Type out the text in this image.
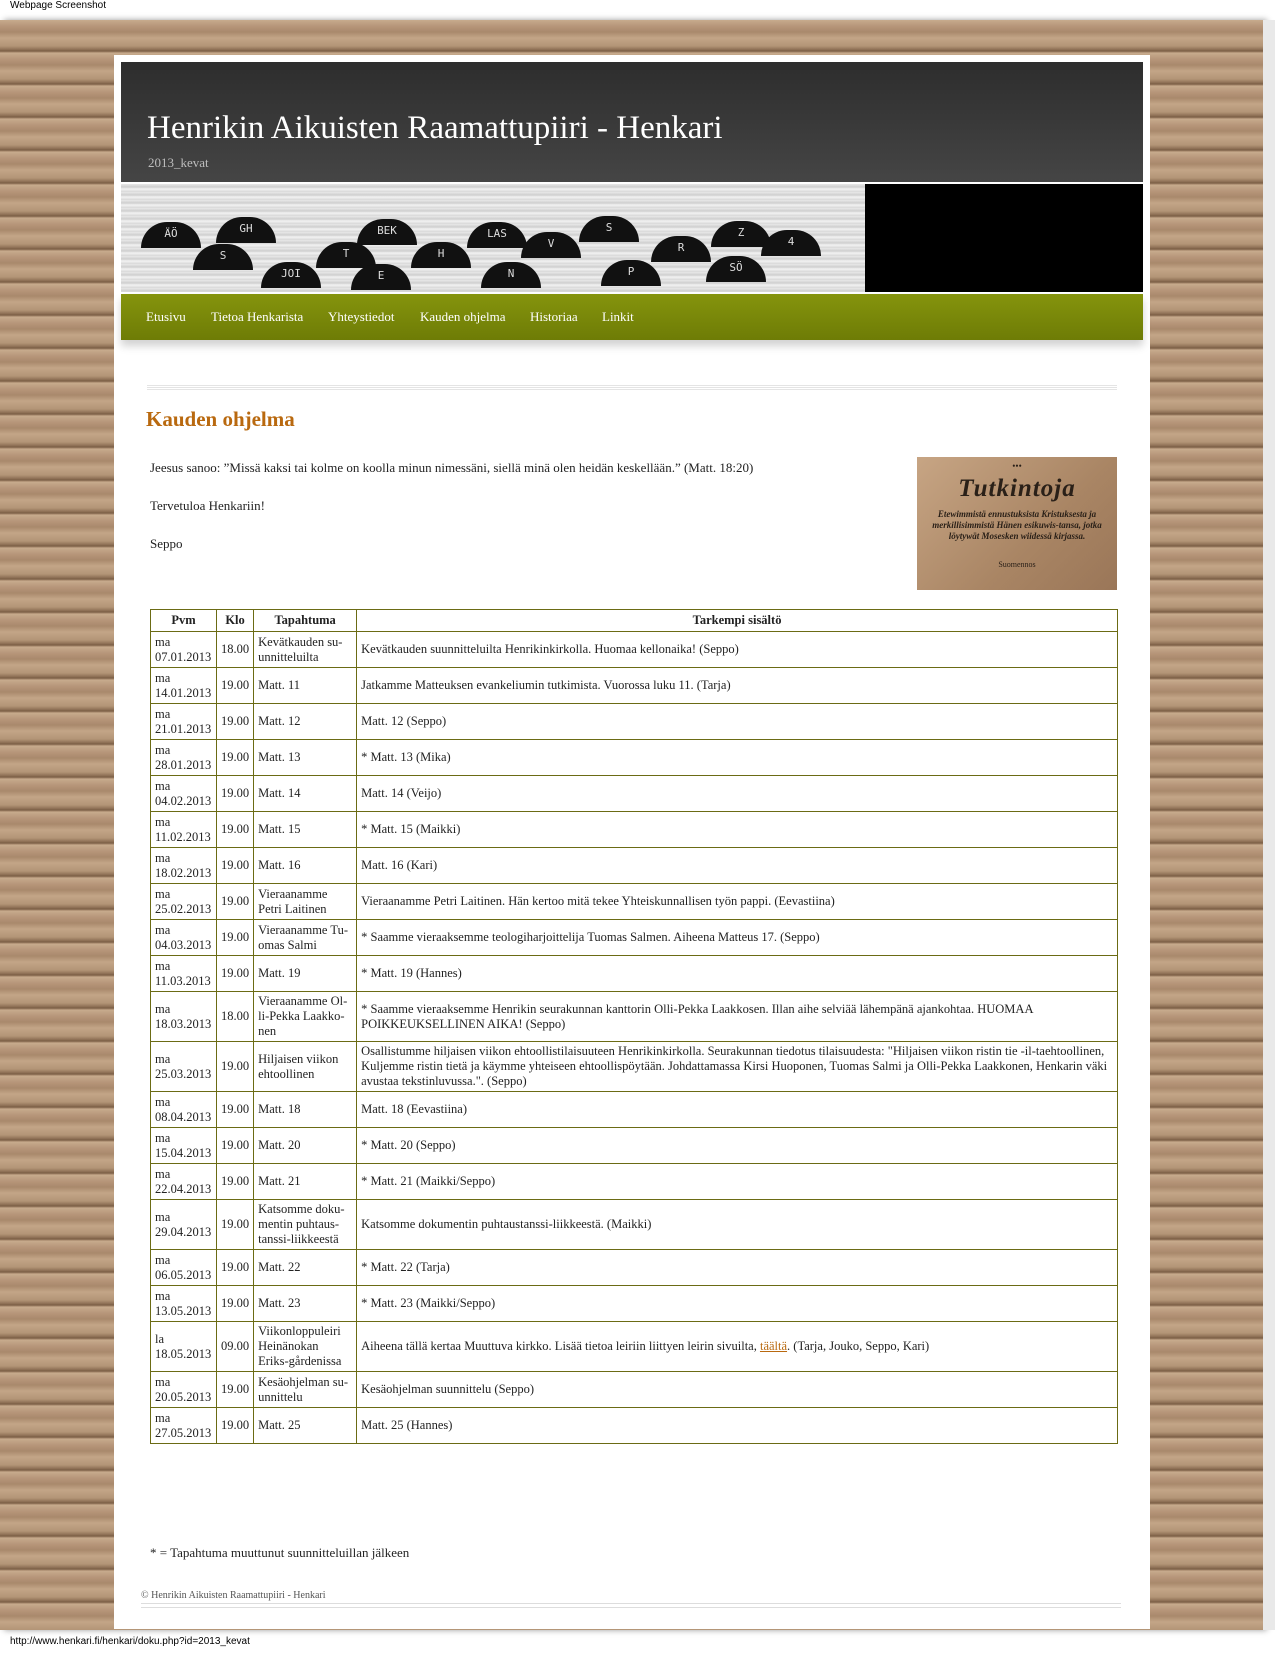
Webpage Screenshot
Henrikin Aikuisten Raamattupiiri - Henkari
2013_kevat
ÄÖ	GH	BEK	LAS	S	Z
S	T	H
V	R
JOI	E	N	P	SÖ
4
Etusivu Tietoa Henkarista Yhteystiedot Kauden ohjelma Historiaa Linkit
Kauden ohjelma

Jeesus sanoo: ”Missä kaksi tai kolme on koolla minun nimessäni, siellä minä olen heidän keskellään.” (Matt. 18:20)

Tervetuloa Henkariin!

Seppo

•••
Tutkintoja
Etewimmistä ennustuksista Kristuksesta ja merkillisimmistä Hänen esikuwis-tansa, jotka löytywät Mosesken wiidessä kirjassa.
Suomennos
Pvm	Klo	Tapahtuma	Tarkempi sisältö
ma 07.01.2013	18.00	Kevätkauden su-unnitteluilta	Kevätkauden suunnitteluilta Henrikinkirkolla. Huomaa kellonaika! (Seppo)
ma 14.01.2013	19.00	Matt. 11	Jatkamme Matteuksen evankeliumin tutkimista. Vuorossa luku 11. (Tarja)
ma 21.01.2013	19.00	Matt. 12	Matt. 12 (Seppo)
ma 28.01.2013	19.00	Matt. 13	* Matt. 13 (Mika)
ma 04.02.2013	19.00	Matt. 14	Matt. 14 (Veijo)
ma 11.02.2013	19.00	Matt. 15	* Matt. 15 (Maikki)
ma 18.02.2013	19.00	Matt. 16	Matt. 16 (Kari)
ma 25.02.2013	19.00	Vieraanamme Petri Laitinen	Vieraanamme Petri Laitinen. Hän kertoo mitä tekee Yhteiskunnallisen työn pappi. (Eevastiina)
ma 04.03.2013	19.00	Vieraanamme Tu-omas Salmi	* Saamme vieraaksemme teologiharjoittelija Tuomas Salmen. Aiheena Matteus 17. (Seppo)
ma 11.03.2013	19.00	Matt. 19	* Matt. 19 (Hannes)
ma 18.03.2013	18.00	Vieraanamme Ol-li-Pekka Laakko-nen	* Saamme vieraaksemme Henrikin seurakunnan kanttorin Olli-Pekka Laakkosen. Illan aihe selviää lähempänä ajankohtaa. HUOMAA POIKKEUKSELLINEN AIKA! (Seppo)
ma 25.03.2013	19.00	Hiljaisen viikon ehtoollinen	Osallistumme hiljaisen viikon ehtoollistilaisuuteen Henrikinkirkolla. Seurakunnan tiedotus tilaisuudesta: "Hiljaisen viikon ristin tie -il-taehtoollinen, Kuljemme ristin tietä ja käymme yhteiseen ehtoollispöytään. Johdattamassa Kirsi Huoponen, Tuomas Salmi ja Olli-Pekka Laakkonen, Henkarin väki avustaa tekstinluvussa.". (Seppo)
ma 08.04.2013	19.00	Matt. 18	Matt. 18 (Eevastiina)
ma 15.04.2013	19.00	Matt. 20	* Matt. 20 (Seppo)
ma 22.04.2013	19.00	Matt. 21	* Matt. 21 (Maikki/Seppo)
ma 29.04.2013	19.00	Katsomme doku-mentin puhtaus-tanssi-liikkeestä	Katsomme dokumentin puhtaustanssi-liikkeestä. (Maikki)
ma 06.05.2013	19.00	Matt. 22	* Matt. 22 (Tarja)
ma 13.05.2013	19.00	Matt. 23	* Matt. 23 (Maikki/Seppo)
la 18.05.2013	09.00	Viikonloppuleiri Heinänokan Eriks-gårdenissa	Aiheena tällä kertaa Muuttuva kirkko. Lisää tietoa leiriin liittyen leirin sivuilta, täältä. (Tarja, Jouko, Seppo, Kari)
ma 20.05.2013	19.00	Kesäohjelman su-unnittelu	Kesäohjelman suunnittelu (Seppo)
ma 27.05.2013	19.00	Matt. 25	Matt. 25 (Hannes)

* = Tapahtuma muuttunut suunnitteluillan jälkeen

© Henrikin Aikuisten Raamattupiiri - Henkari
http://www.henkari.fi/henkari/doku.php?id=2013_kevat
